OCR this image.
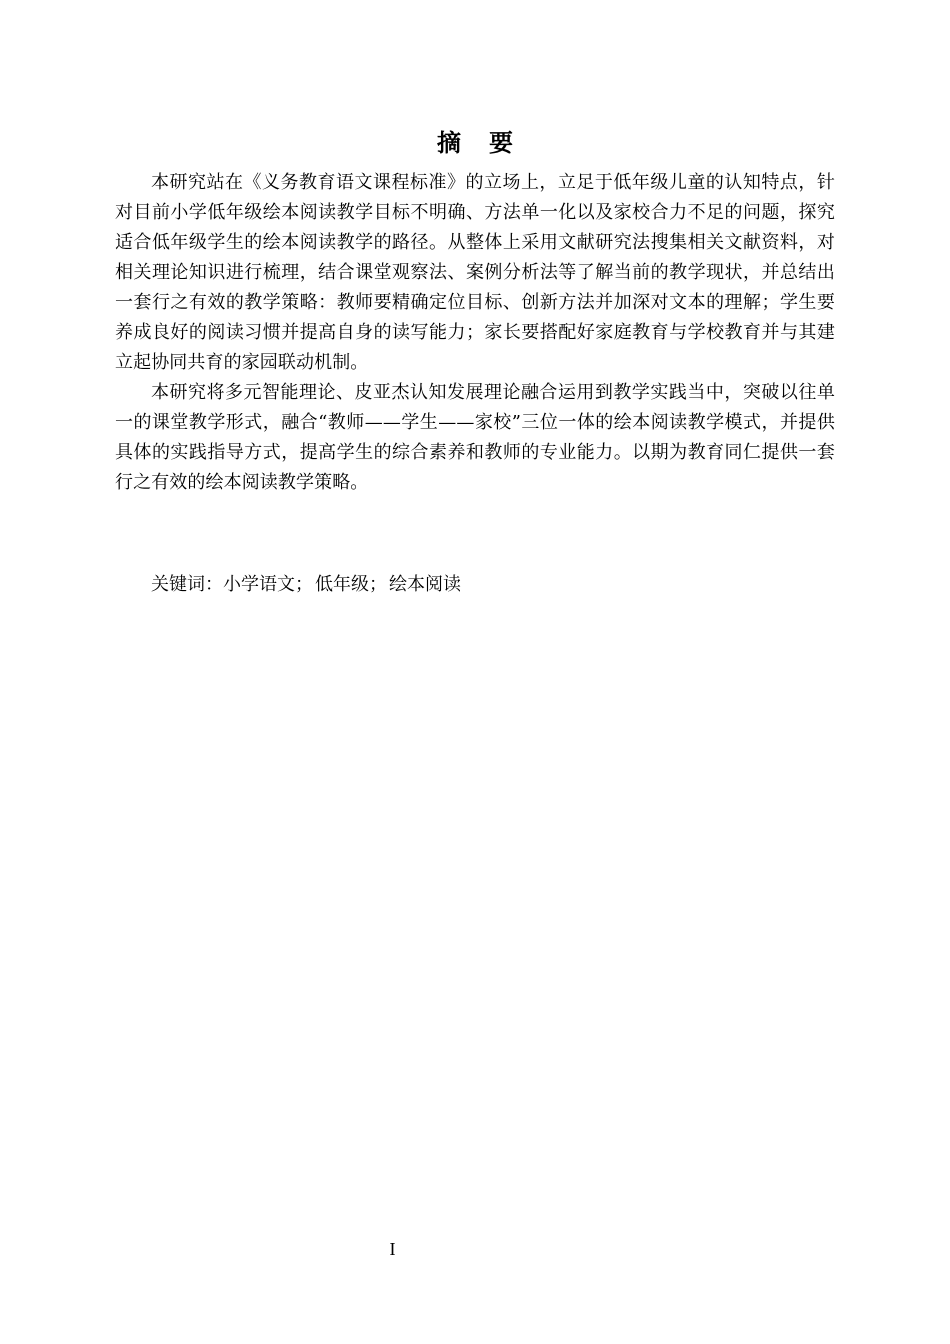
摘要

本研究站在《义务教育语文课程标准》的立场上，立足于低年级儿童的认知特点，针对目前小学低年级绘本阅读教学目标不明确、方法单一化以及家校合力不足的问题，探究适合低年级学生的绘本阅读教学的路径。从整体上采用文献研究法搜集相关文献资料，对相关理论知识进行梳理，结合课堂观察法、案例分析法等了解当前的教学现状，并总结出一套行之有效的教学策略：教师要精确定位目标、创新方法并加深对文本的理解；学生要养成良好的阅读习惯并提高自身的读写能力；家长要搭配好家庭教育与学校教育并与其建立起协同共育的家园联动机制。

本研究将多元智能理论、皮亚杰认知发展理论融合运用到教学实践当中，突破以往单一的课堂教学形式，融合“教师——学生——家校”三位一体的绘本阅读教学模式，并提供具体的实践指导方式，提高学生的综合素养和教师的专业能力。以期为教育同仁提供一套行之有效的绘本阅读教学策略。

关键词：小学语文； 低年级； 绘本阅读
I
